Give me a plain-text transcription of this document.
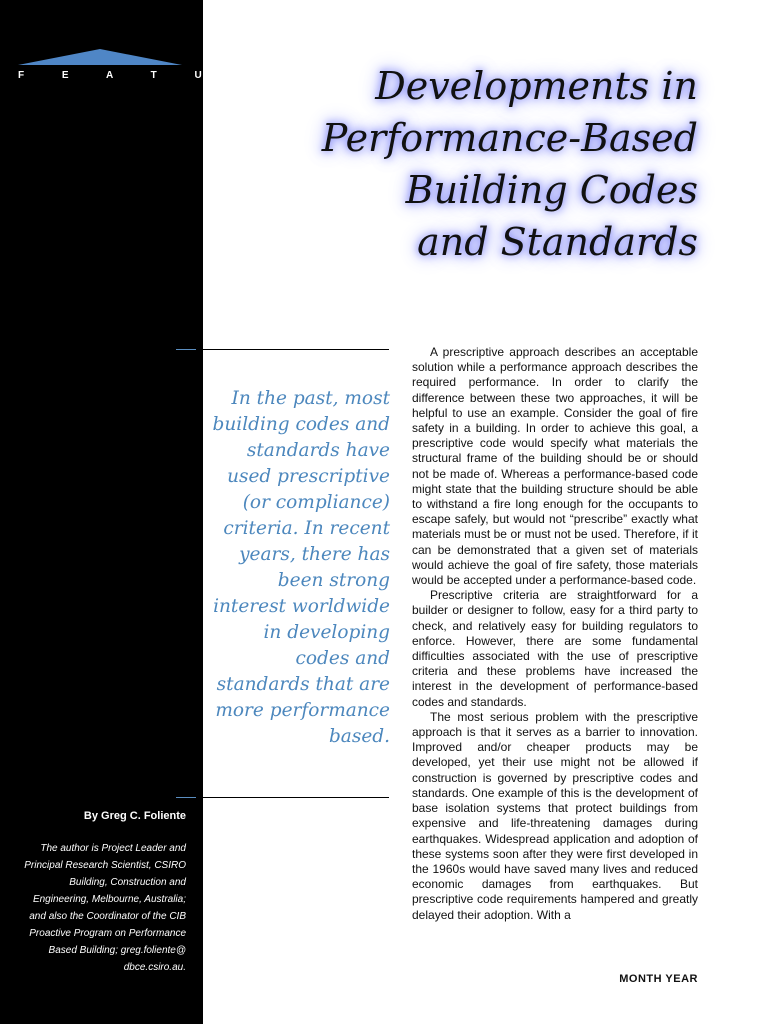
F E A T U R E
By Greg C. Foliente
The author is Project Leader and Principal Research Scientist, CSIRO Building, Construction and Engineering, Melbourne, Australia; and also the Coordinator of the CIB Proactive Program on Performance Based Building; greg.foliente@ dbce.csiro.au.
Developments in
Performance-Based
Building Codes
and Standards
In the past, most building codes and standards have used prescriptive (or compliance) criteria. In recent years, there has been strong interest worldwide in developing codes and standards that are more performance based.

A prescriptive approach describes an acceptable solution while a performance approach describes the required performance. In order to clarify the difference between these two approaches, it will be helpful to use an example. Consider the goal of fire safety in a building. In order to achieve this goal, a prescriptive code would specify what materials the structural frame of the building should be or should not be made of. Whereas a performance-based code might state that the building structure should be able to withstand a fire long enough for the occupants to escape safely, but would not “prescribe” exactly what materials must be or must not be used. Therefore, if it can be demonstrated that a given set of materials would achieve the goal of fire safety, those materials would be accepted under a performance-based code.

Prescriptive criteria are straightforward for a builder or designer to follow, easy for a third party to check, and relatively easy for building regulators to enforce. However, there are some fundamental difficulties associated with the use of prescriptive criteria and these problems have increased the interest in the development of performance-based codes and standards.

The most serious problem with the prescriptive approach is that it serves as a barrier to innovation. Improved and/or cheaper products may be developed, yet their use might not be allowed if construction is governed by prescriptive codes and standards. One example of this is the development of base isolation systems that protect buildings from expensive and life-threatening damages during earthquakes. Widespread application and adoption of these systems soon after they were first developed in the 1960s would have saved many lives and reduced economic damages from earthquakes. But prescriptive code requirements hampered and greatly delayed their adoption. With a

MONTH YEAR
